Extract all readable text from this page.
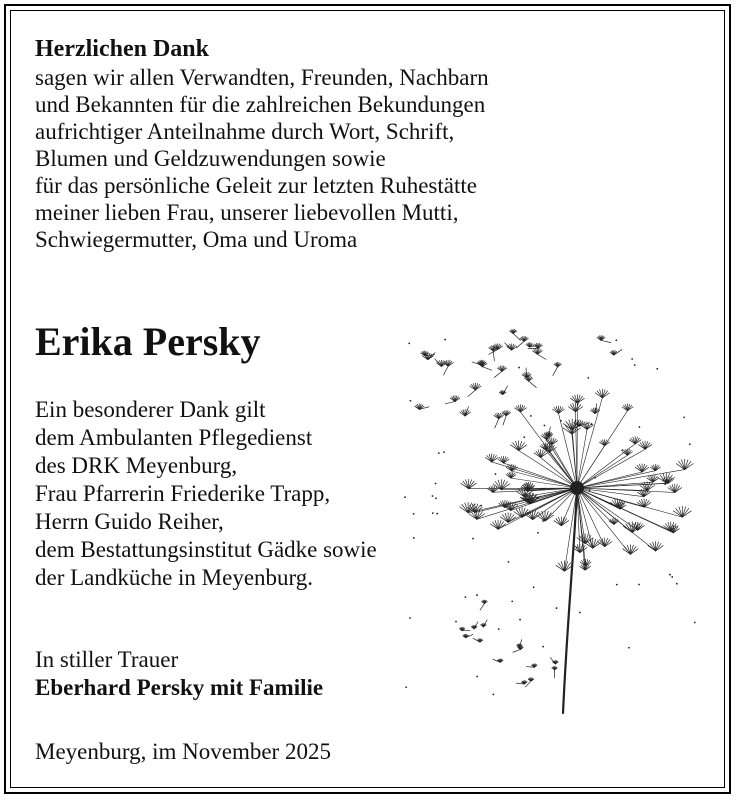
Herzlichen Dank
sagen wir allen Verwandten, Freunden, Nachbarn
und Bekannten für die zahlreichen Bekundungen
aufrichtiger Anteilnahme durch Wort, Schrift,
Blumen und Geldzuwendungen sowie
für das persönliche Geleit zur letzten Ruhestätte
meiner lieben Frau, unserer liebevollen Mutti,
Schwiegermutter, Oma und Uroma
Erika Persky
Ein besonderer Dank gilt
dem Ambulanten Pflegedienst
des DRK Meyenburg,
Frau Pfarrerin Friederike Trapp,
Herrn Guido Reiher,
dem Bestattungsinstitut Gädke sowie
der Landküche in Meyenburg.
In stiller Trauer
Eberhard Persky mit Familie
Meyenburg, im November 2025
